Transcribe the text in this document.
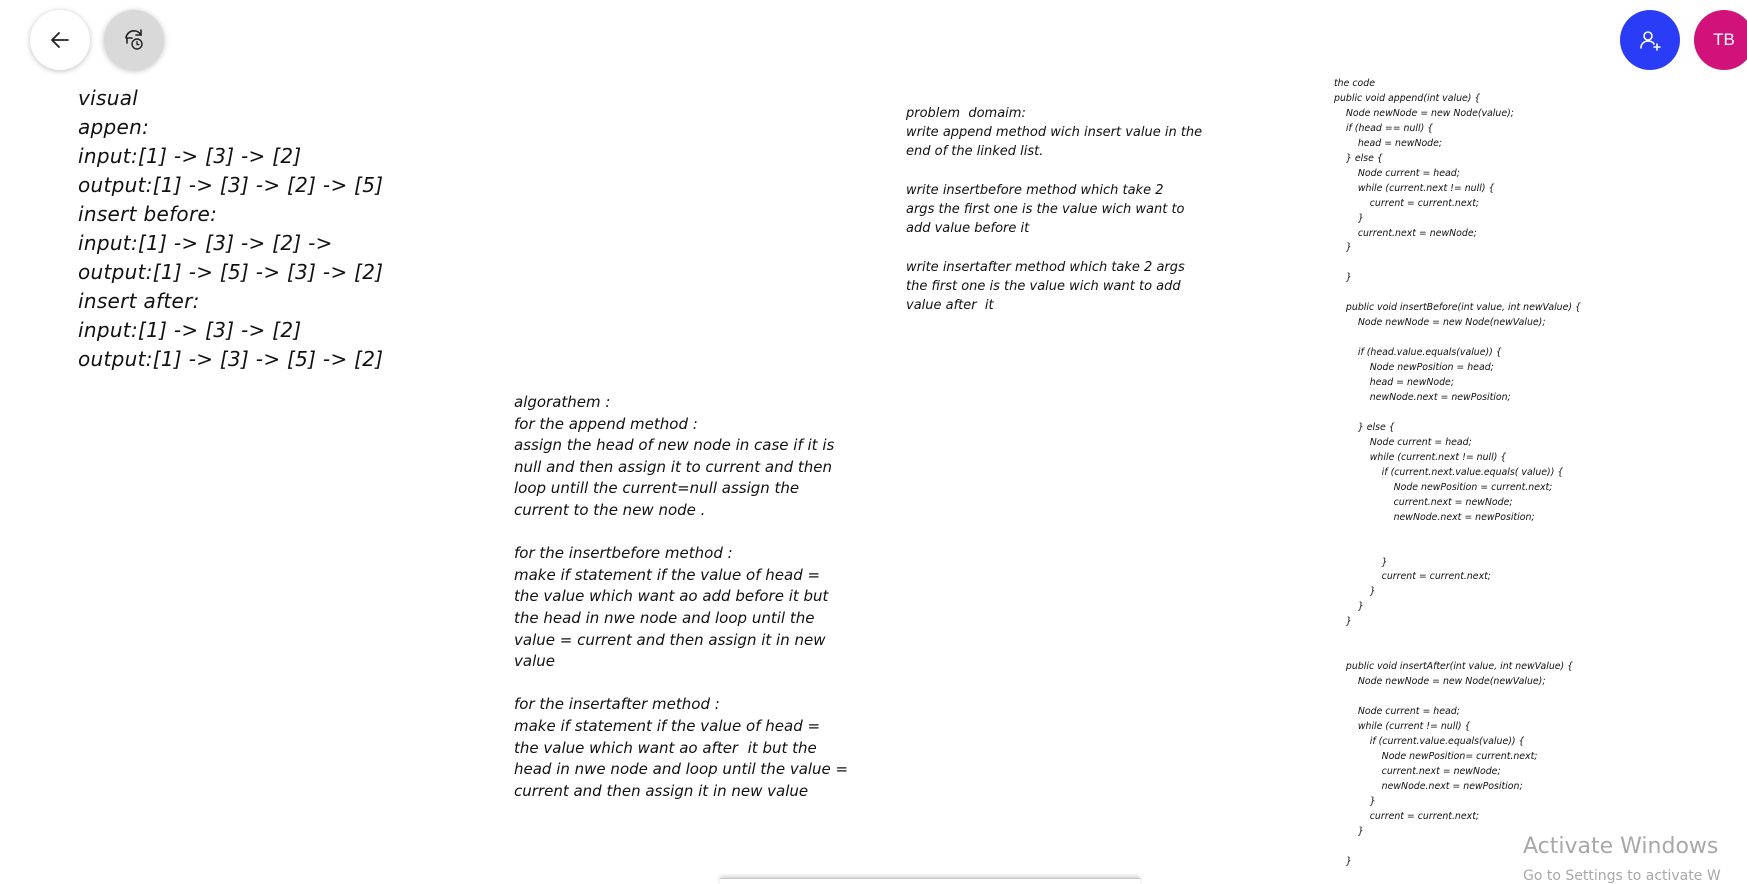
TB
visual
appen:
input:[1] -> [3] -> [2]
output:[1] -> [3] -> [2] -> [5]
insert before:
input:[1] -> [3] -> [2] ->
output:[1] -> [5] -> [3] -> [2]
insert after:
input:[1] -> [3] -> [2]
output:[1] -> [3] -> [5] -> [2]
algorathem :
for the append method :
assign the head of new node in case if it is
null and then assign it to current and then
loop untill the current=null assign the
current to the new node .

for the insertbefore method :
make if statement if the value of head =
the value which want ao add before it but
the head in nwe node and loop until the
value = current and then assign it in new
value

for the insertafter method :
make if statement if the value of head =
the value which want ao after  it but the
head in nwe node and loop until the value =
current and then assign it in new value
problem  domaim:
write append method wich insert value in the
end of the linked list.

write insertbefore method which take 2
args the first one is the value wich want to
add value before it

write insertafter method which take 2 args
the first one is the value wich want to add
value after  it
the code
public void append(int value) {
Node newNode = new Node(value);
if (head == null) {
head = newNode;
} else {
Node current = head;
while (current.next != null) {
current = current.next;
}
current.next = newNode;
}

}

public void insertBefore(int value, int newValue) {
Node newNode = new Node(newValue);

if (head.value.equals(value)) {
Node newPosition = head;
head = newNode;
newNode.next = newPosition;

} else {
Node current = head;
while (current.next != null) {
if (current.next.value.equals( value)) {
Node newPosition = current.next;
current.next = newNode;
newNode.next = newPosition;

}
current = current.next;
}
}
}

public void insertAfter(int value, int newValue) {
Node newNode = new Node(newValue);

Node current = head;
while (current != null) {
if (current.value.equals(value)) {
Node newPosition= current.next;
current.next = newNode;
newNode.next = newPosition;
}
current = current.next;
}

}
Activate Windows
Go to Settings to activate W
